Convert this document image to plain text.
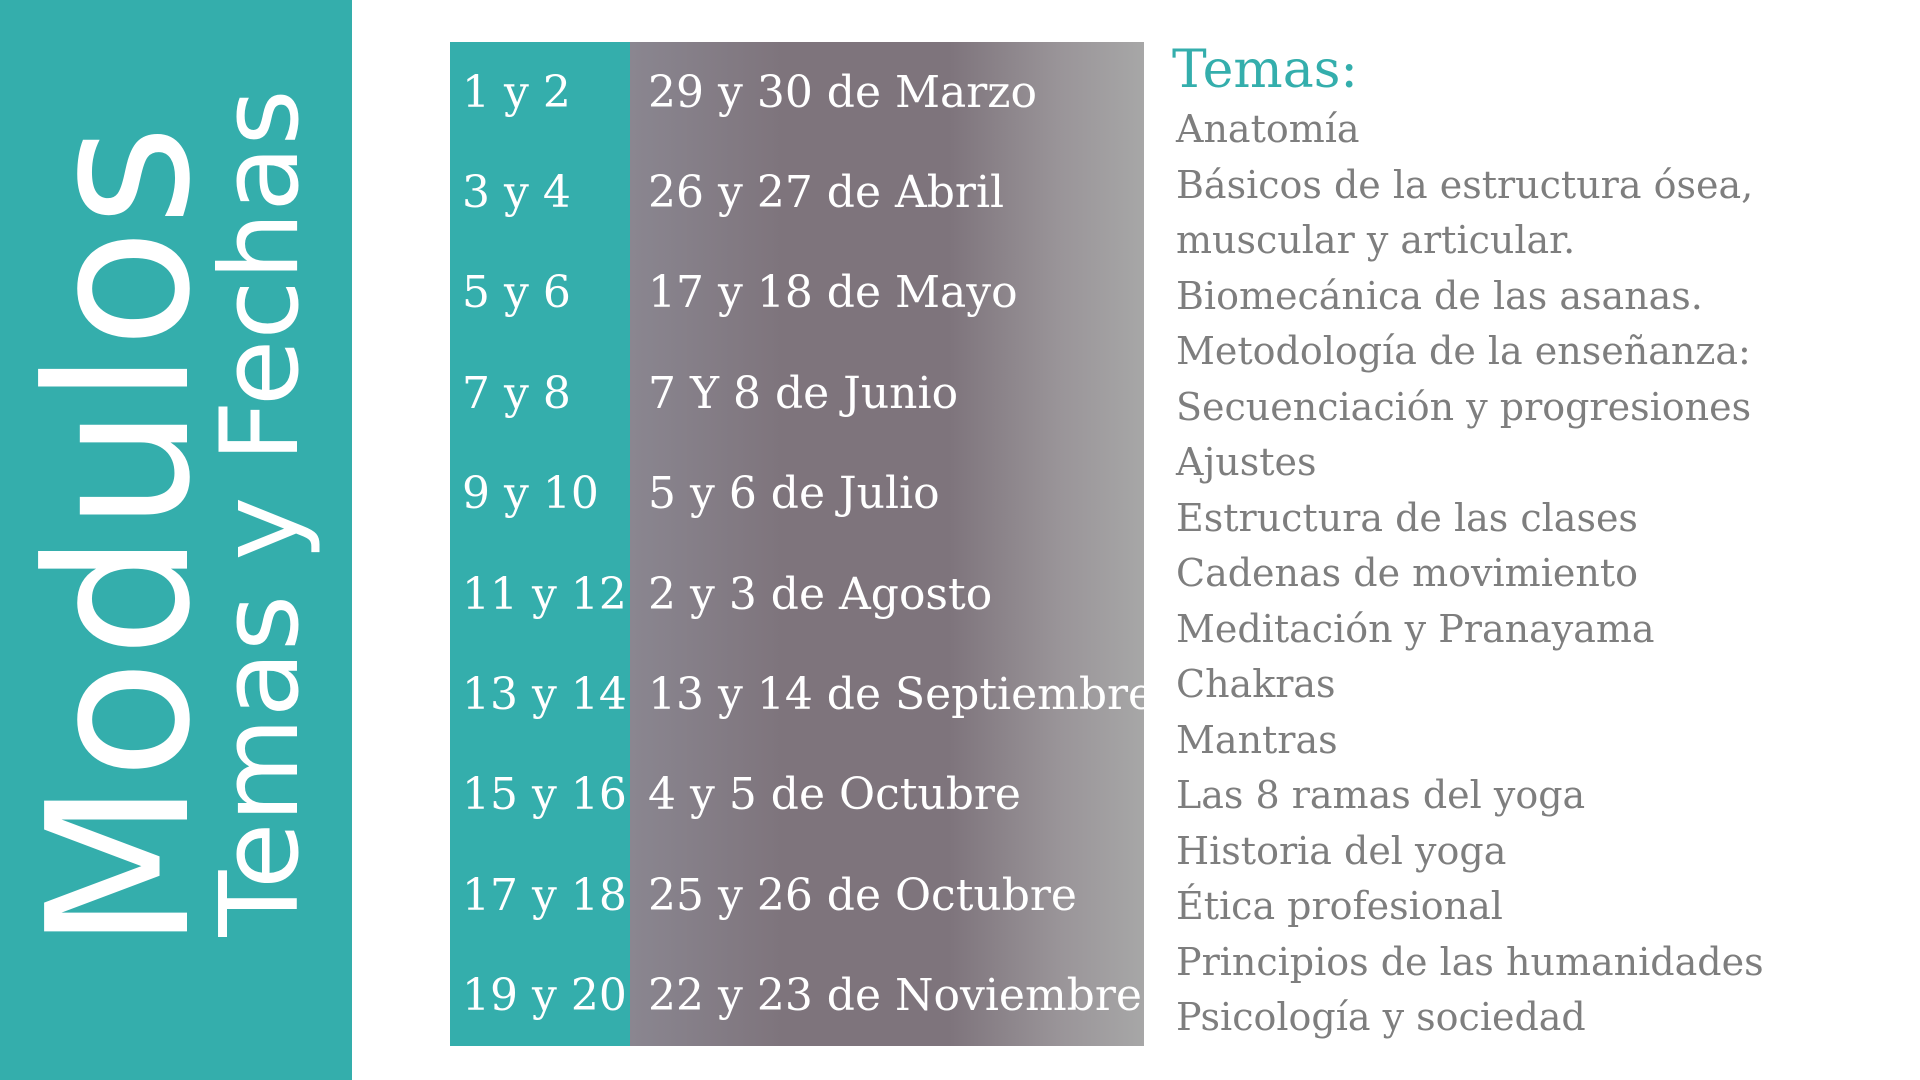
Modulos
Temas y Fechas	1 y 2
3 y 4
5 y 6
7 y 8
9 y 10
11 y 12
13 y 14
15 y 16
17 y 18
19 y 20
29 y 30 de Marzo
26 y 27 de Abril
17 y 18 de Mayo
7 Y 8 de Junio
5 y 6 de Julio
2 y 3 de Agosto
13 y 14 de Septiembre
4 y 5 de Octubre
25 y 26 de Octubre
22 y 23 de Noviembre
Temas:
Anatomía
Básicos de la estructura ósea,
muscular y articular.
Biomecánica de las asanas.
Metodología de la enseñanza:
Secuenciación y progresiones
Ajustes
Estructura de las clases
Cadenas de movimiento
Meditación y Pranayama
Chakras
Mantras
Las 8 ramas del yoga
Historia del yoga
Ética profesional
Principios de las humanidades
Psicología y sociedad
